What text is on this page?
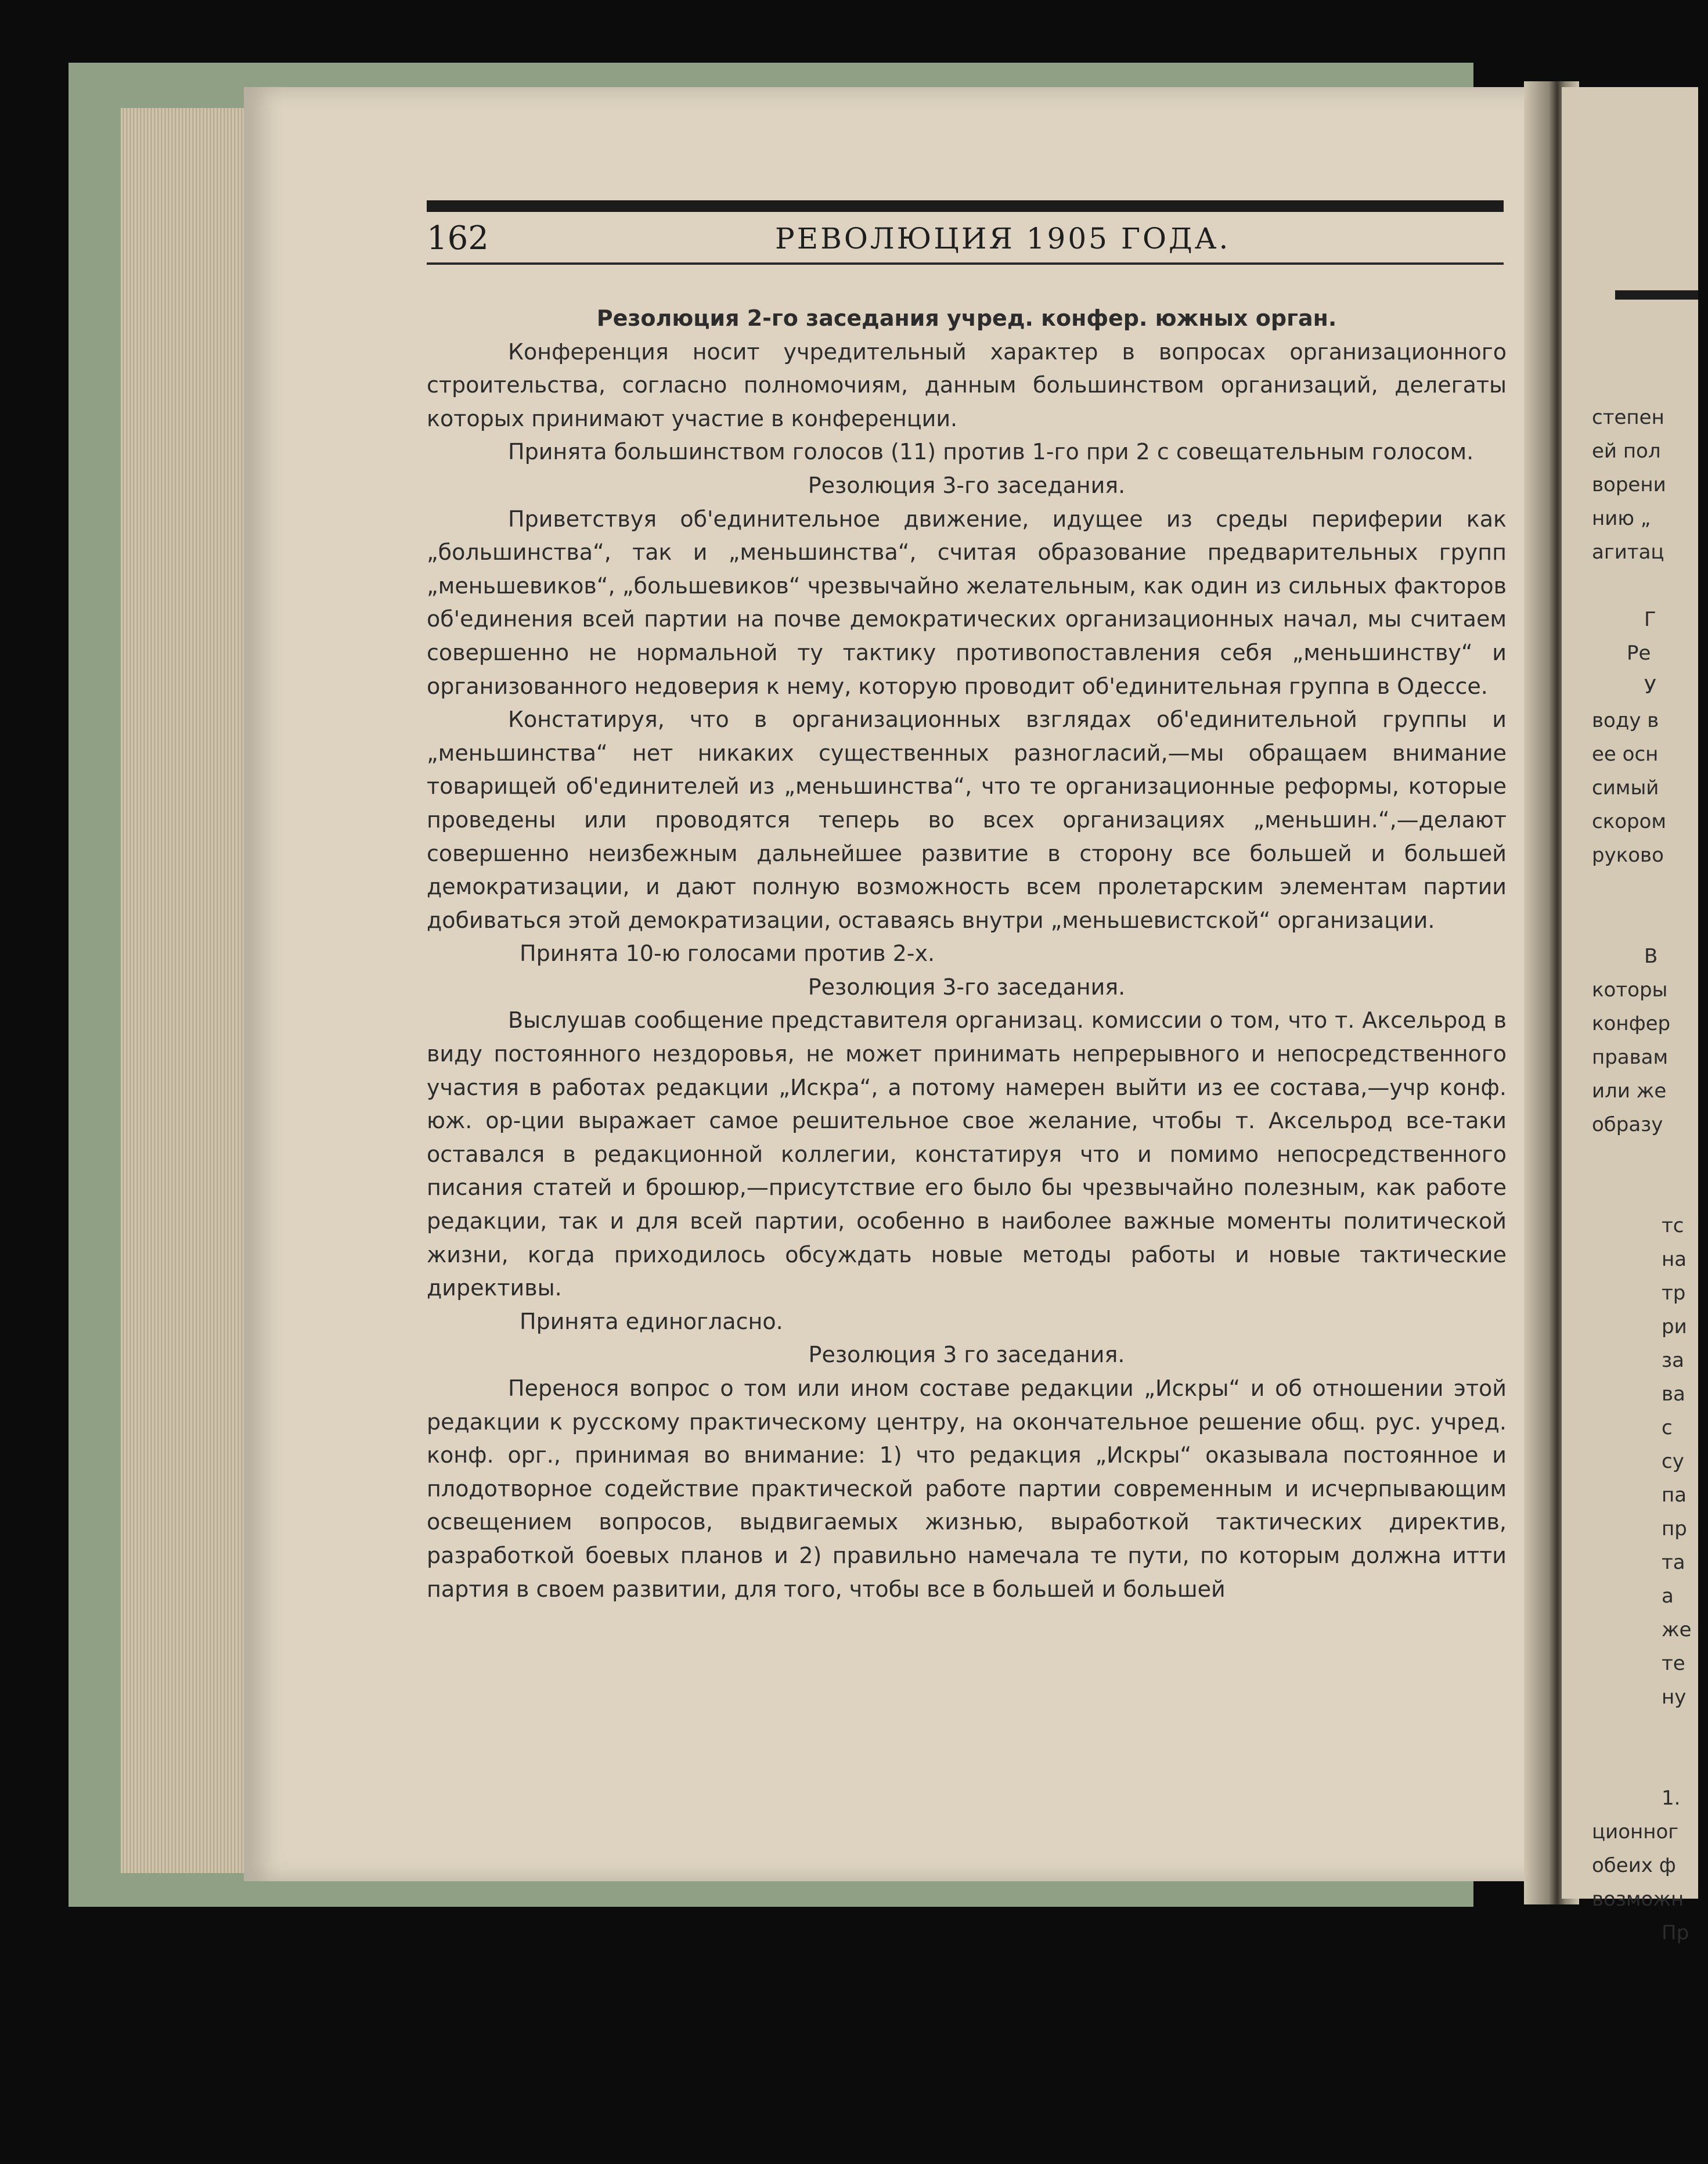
степен
ей пол
ворени
нию „
агитац
Г
Ре
У
воду в
ее осн
симый
скором
руково
В
которы
конфер
правам
или же
образу
тс
на
тр
ри
за
ва
с
су
па
пр
та
а
же
те
ну
1.
ционног
обеих ф
возможн
Пр
162	РЕВОЛЮЦИЯ 1905 ГОДА.

Резолюция 2-го заседания учред. конфер. южных орган.

Конференция носит учредительный характер в вопросах организационного строительства, согласно полномочиям, данным большинством организаций, делегаты которых принимают участие в конференции.

Принята большинством голосов (11) против 1-го при 2 с совещательным голосом.

Резолюция 3-го заседания.

Приветствуя об'единительное движение, идущее из среды периферии как „большинства“, так и „меньшинства“, считая образование предварительных групп „меньшевиков“, „большевиков“ чрезвычайно желательным, как один из сильных факторов об'единения всей партии на почве демократических организационных начал, мы считаем совершенно не нормальной ту тактику противопоставления себя „меньшинству“ и организованного недоверия к нему, которую проводит об'единительная группа в Одессе.

Констатируя, что в организационных взглядах об'единительной группы и „меньшинства“ нет никаких существенных разногласий,—мы обращаем внимание товарищей об'единителей из „меньшинства“, что те организационные реформы, которые проведены или проводятся теперь во всех организациях „меньшин.“,—делают совершенно неизбежным дальнейшее развитие в сторону все большей и большей демократизации, и дают полную возможность всем пролетарским элементам партии добиваться этой демократизации, оставаясь внутри „меньшевистской“ организации.

Принята 10-ю голосами против 2-х.

Резолюция 3-го заседания.

Выслушав сообщение представителя организац. комиссии о том, что т. Аксельрод в виду постоянного нездоровья, не может принимать непрерывного и непосредственного участия в работах редакции „Искра“, а потому намерен выйти из ее состава,—учр конф. юж. ор-ции выражает самое решительное свое желание, чтобы т. Аксельрод все-таки оставался в редакционной коллегии, констатируя что и помимо непосредственного писания статей и брошюр,—присутствие его было бы чрезвычайно полезным, как работе редакции, так и для всей партии, особенно в наиболее важные моменты политической жизни, когда приходилось обсуждать новые методы работы и новые тактические директивы.

Принята единогласно.

Резолюция 3 го заседания.

Перенося вопрос о том или ином составе редакции „Искры“ и об отношении этой редакции к русскому практическому центру, на окончательное решение общ. рус. учред. конф. орг., принимая во внимание: 1) что редакция „Искры“ оказывала постоянное и плодотворное содействие практической работе партии современным и исчерпывающим освещением вопросов, выдвигаемых жизнью, выработкой тактических директив, разработкой боевых планов и 2) правильно намечала те пути, по которым должна итти партия в своем развитии, для того, чтобы все в большей и большей
